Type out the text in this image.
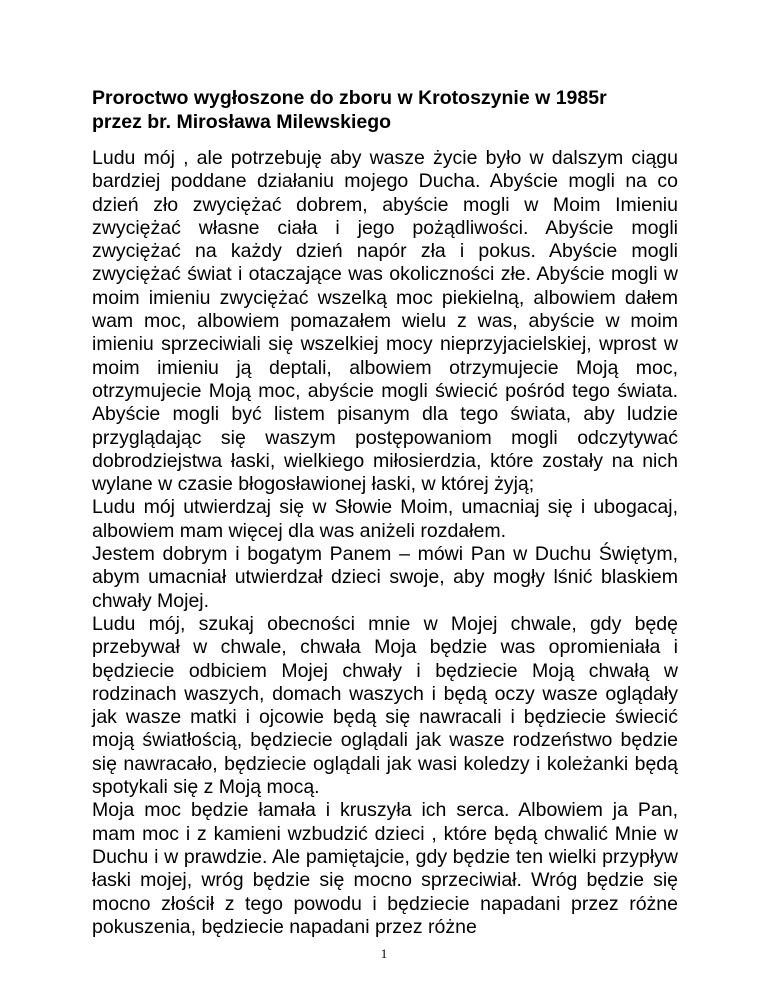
Proroctwo wygłoszone do zboru w Krotoszynie w 1985r
przez br. Mirosława Milewskiego

Ludu mój , ale potrzebuję aby wasze życie było w dalszym ciągu bardziej poddane działaniu mojego Ducha. Abyście mogli na co dzień zło zwyciężać dobrem, abyście mogli w Moim Imieniu zwyciężać własne ciała i jego pożądliwości. Abyście mogli zwyciężać na każdy dzień napór zła i pokus. Abyście mogli zwyciężać świat i otaczające was okoliczności złe. Abyście mogli w moim imieniu zwyciężać wszelką moc piekielną, albowiem dałem wam moc, albowiem pomazałem wielu z was, abyście w moim imieniu sprzeciwiali się wszelkiej mocy nieprzyjacielskiej, wprost w moim imieniu ją deptali, albowiem otrzymujecie Moją moc, otrzymujecie Moją moc, abyście mogli świecić pośród tego świata. Abyście mogli być listem pisanym dla tego świata, aby ludzie przyglądając się waszym postępowaniom mogli odczytywać dobrodziejstwa łaski, wielkiego miłosierdzia, które zostały na nich wylane w czasie błogosławionej łaski, w której żyją;

Ludu mój utwierdzaj się w Słowie Moim, umacniaj się i ubogacaj, albowiem mam więcej dla was aniżeli rozdałem.

Jestem dobrym i bogatym Panem – mówi Pan w Duchu Świętym, abym umacniał utwierdzał dzieci swoje, aby mogły lśnić blaskiem chwały Mojej.

Ludu mój, szukaj obecności mnie w Mojej chwale, gdy będę przebywał w chwale, chwała Moja będzie was opromieniała i będziecie odbiciem Mojej chwały i będziecie Moją chwałą w rodzinach waszych, domach waszych i będą oczy wasze oglądały jak wasze matki i ojcowie będą się nawracali i będziecie świecić moją światłością, będziecie oglądali jak wasze rodzeństwo będzie się nawracało, będziecie oglądali jak wasi koledzy i koleżanki będą spotykali się z Moją mocą.

Moja moc będzie łamała i kruszyła ich serca. Albowiem ja Pan, mam moc i z kamieni wzbudzić dzieci , które będą chwalić Mnie w Duchu i w prawdzie. Ale pamiętajcie, gdy będzie ten wielki przypływ łaski mojej, wróg będzie się mocno sprzeciwiał. Wróg będzie się mocno złościł z tego powodu i będziecie napadani przez różne pokuszenia, będziecie napadani przez różne

1
